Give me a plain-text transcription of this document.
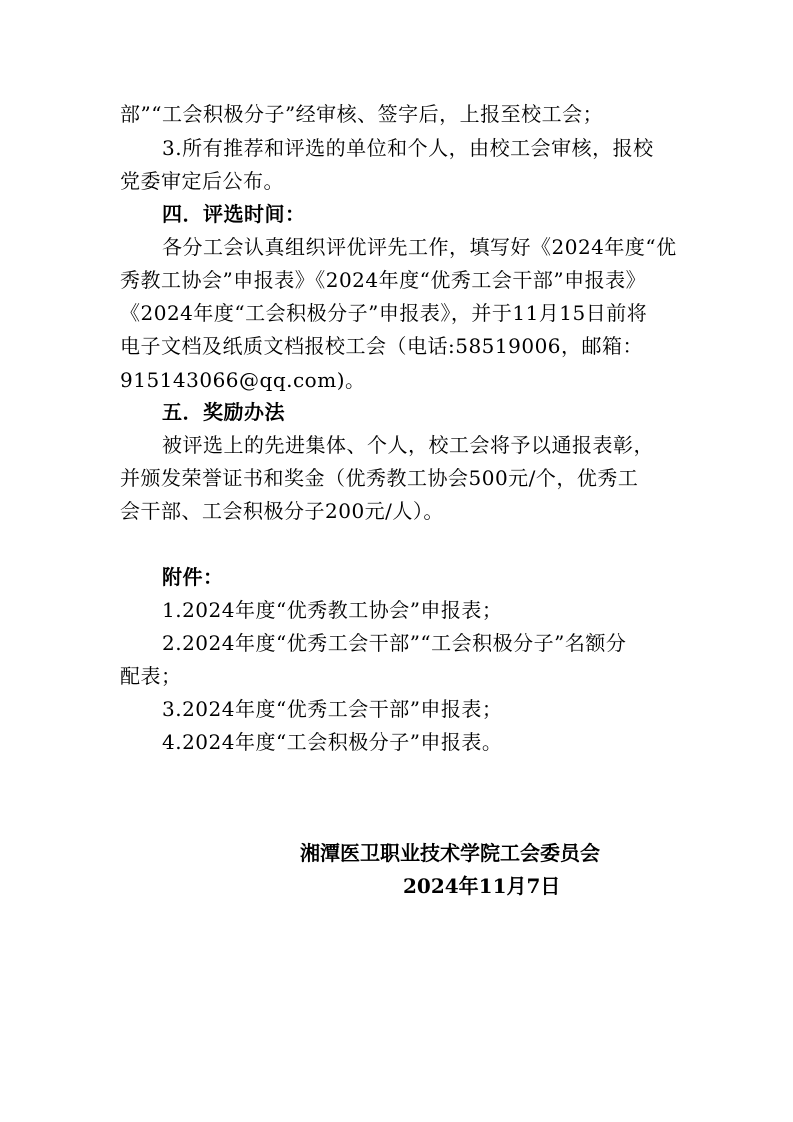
部”“工会积极分子”经审核、签字后，上报至校工会；
3.所有推荐和评选的单位和个人，由校工会审核，报校
党委审定后公布。
四．评选时间：
各分工会认真组织评优评先工作，填写好《2024年度“优
秀教工协会”申报表》《2024年度“优秀工会干部”申报表》
《2024年度“工会积极分子”申报表》，并于11月15日前将
电子文档及纸质文档报校工会（电话:58519006，邮箱：
915143066@qq.com)。
五．奖励办法
被评选上的先进集体、个人，校工会将予以通报表彰，
并颁发荣誉证书和奖金（优秀教工协会500元/个，优秀工
会干部、工会积极分子200元/人）。
附件：
1.2024年度“优秀教工协会”申报表；
2.2024年度“优秀工会干部”“工会积极分子”名额分
配表；
3.2024年度“优秀工会干部”申报表；
4.2024年度“工会积极分子”申报表。
湘潭医卫职业技术学院工会委员会
2024年11月7日
